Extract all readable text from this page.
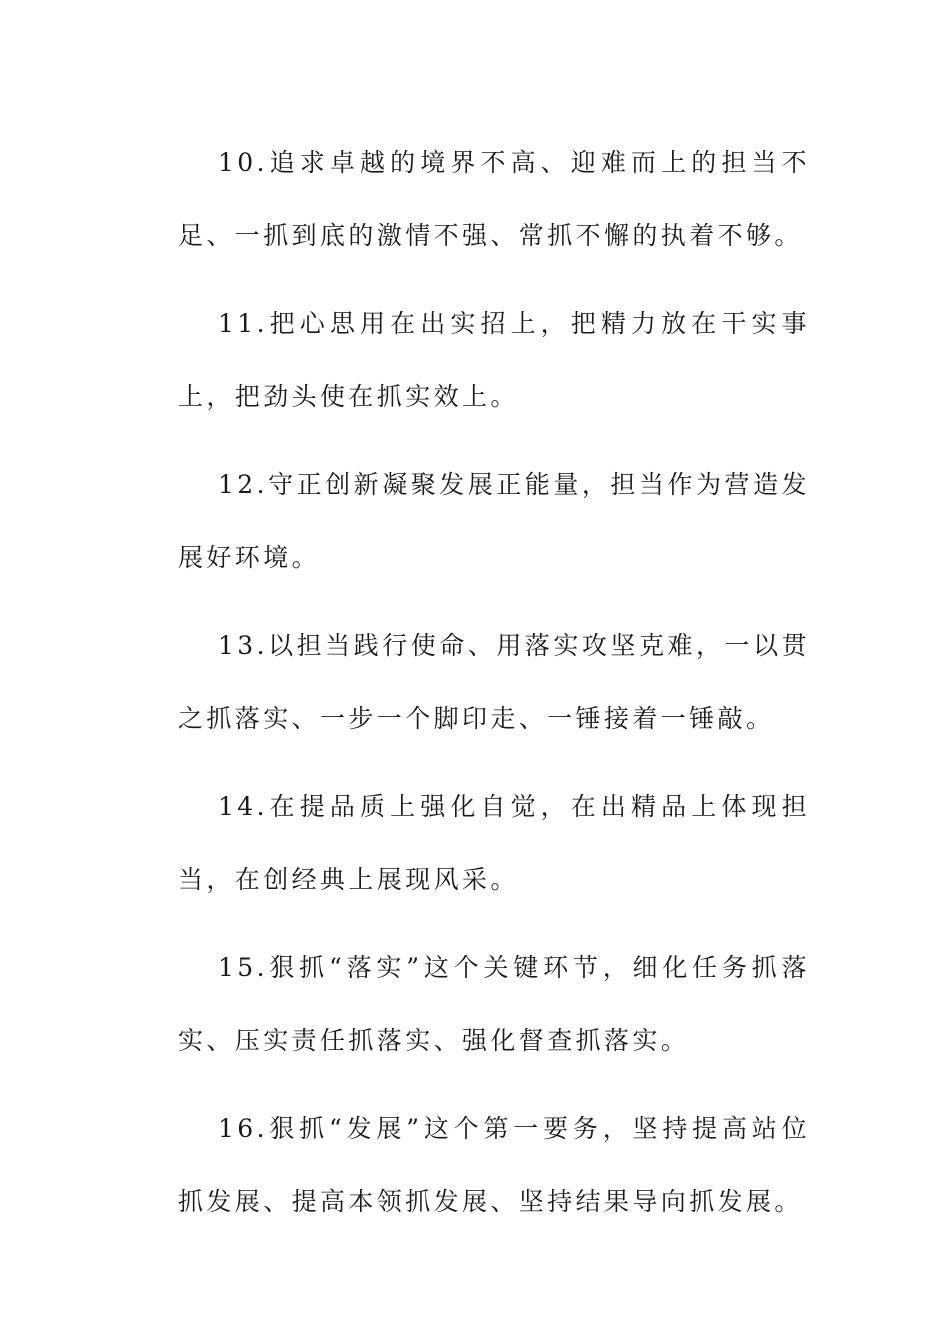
10.追求卓越的境界不高、迎难而上的担当不足、一抓到底的激情不强、常抓不懈的执着不够。

11.把心思用在出实招上，把精力放在干实事上，把劲头使在抓实效上。

12.守正创新凝聚发展正能量，担当作为营造发展好环境。

13.以担当践行使命、用落实攻坚克难，一以贯之抓落实、一步一个脚印走、一锤接着一锤敲。

14.在提品质上强化自觉，在出精品上体现担当，在创经典上展现风采。

15.狠抓“落实”这个关键环节，细化任务抓落实、压实责任抓落实、强化督查抓落实。

16.狠抓“发展”这个第一要务，坚持提高站位抓发展、提高本领抓发展、坚持结果导向抓发展。
